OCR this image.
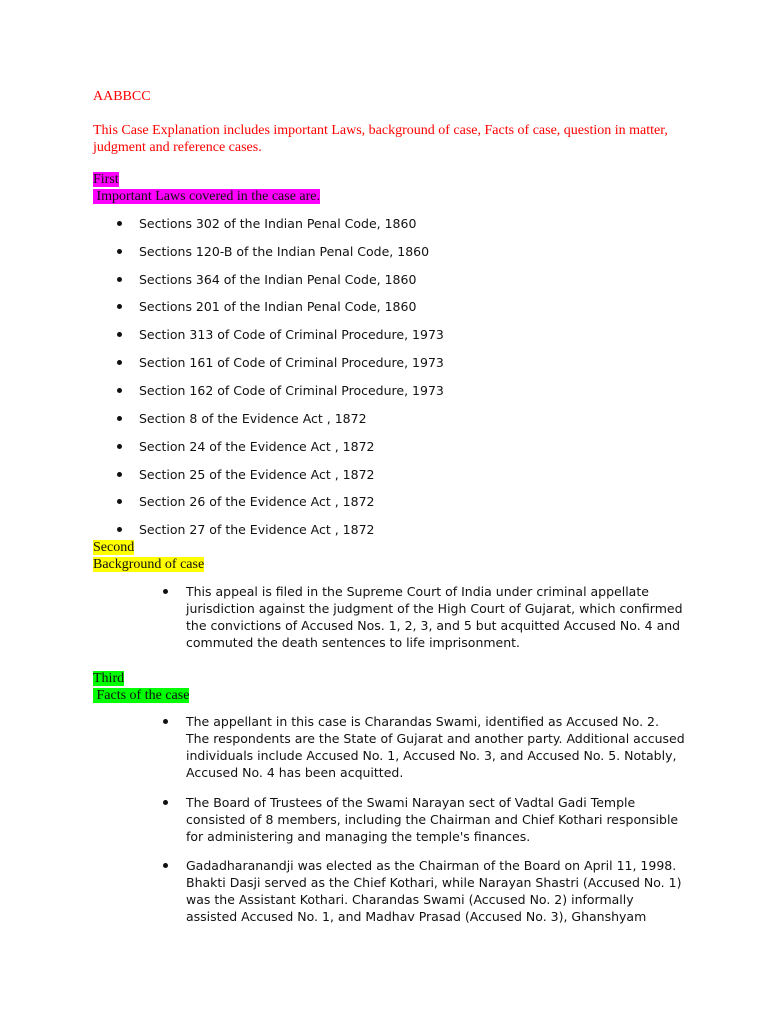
AABBCC
This Case Explanation includes important Laws, background of case, Facts of case, question in matter, judgment and reference cases.
First
Important Laws covered in the case are.
Sections 302 of the Indian Penal Code, 1860
Sections 120-B of the Indian Penal Code, 1860
Sections 364 of the Indian Penal Code, 1860
Sections 201 of the Indian Penal Code, 1860
Section 313 of Code of Criminal Procedure, 1973
Section 161 of Code of Criminal Procedure, 1973
Section 162 of Code of Criminal Procedure, 1973
Section 8 of the Evidence Act , 1872
Section 24 of the Evidence Act , 1872
Section 25 of the Evidence Act , 1872
Section 26 of the Evidence Act , 1872
Section 27 of the Evidence Act , 1872
Second
Background of case
This appeal is filed in the Supreme Court of India under criminal appellate jurisdiction against the judgment of the High Court of Gujarat, which confirmed the convictions of Accused Nos. 1, 2, 3, and 5 but acquitted Accused No. 4 and commuted the death sentences to life imprisonment.
Third
Facts of the case
The appellant in this case is Charandas Swami, identified as Accused No. 2. The respondents are the State of Gujarat and another party. Additional accused individuals include Accused No. 1, Accused No. 3, and Accused No. 5. Notably, Accused No. 4 has been acquitted.
The Board of Trustees of the Swami Narayan sect of Vadtal Gadi Temple consisted of 8 members, including the Chairman and Chief Kothari responsible for administering and managing the temple's finances.
Gadadharanandji was elected as the Chairman of the Board on April 11, 1998. Bhakti Dasji served as the Chief Kothari, while Narayan Shastri (Accused No. 1) was the Assistant Kothari. Charandas Swami (Accused No. 2) informally assisted Accused No. 1, and Madhav Prasad (Accused No. 3), Ghanshyam
